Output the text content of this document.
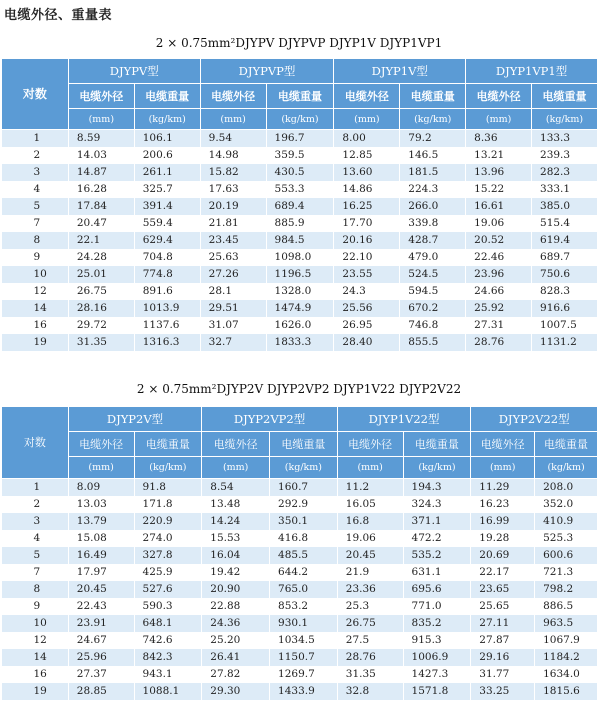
电缆外径、重量表
2 × 0.75mm²DJYPV DJYPVP DJYP1V DJYP1VP1
对数	DJYPV型		DJYPVP型		DJYP1V型		DJYP1VP1型	
	电缆外径	电缆重量	电缆外径	电缆重量	电缆外径	电缆重量	电缆外径	电缆重量
	(mm)	(kg/km)	(mm)	(kg/km)	(mm)	(kg/km)	(mm)	(kg/km)
1	8.59	106.1	9.54	196.7	8.00	79.2	8.36	133.3
2	14.03	200.6	14.98	359.5	12.85	146.5	13.21	239.3
3	14.87	261.1	15.82	430.5	13.60	181.5	13.96	282.3
4	16.28	325.7	17.63	553.3	14.86	224.3	15.22	333.1
5	17.84	391.4	20.19	689.4	16.25	266.0	16.61	385.0
7	20.47	559.4	21.81	885.9	17.70	339.8	19.06	515.4
8	22.1	629.4	23.45	984.5	20.16	428.7	20.52	619.4
9	24.28	704.8	25.63	1098.0	22.10	479.0	22.46	689.7
10	25.01	774.8	27.26	1196.5	23.55	524.5	23.96	750.6
12	26.75	891.6	28.1	1328.0	24.3	594.5	24.66	828.3
14	28.16	1013.9	29.51	1474.9	25.56	670.2	25.92	916.6
16	29.72	1137.6	31.07	1626.0	26.95	746.8	27.31	1007.5
19	31.35	1316.3	32.7	1833.3	28.40	855.5	28.76	1131.2
2 × 0.75mm²DJYP2V DJYP2VP2 DJYP1V22 DJYP2V22
对数	DJYP2V型		DJYP2VP2型		DJYP1V22型		DJYP2V22型	
	电缆外径	电缆重量	电缆外径	电缆重量	电缆外径	电缆重量	电缆外径	电缆重量
	(mm)	(kg/km)	(mm)	(kg/km)	(mm)	(kg/km)	(mm)	(kg/km)
1	8.09	91.8	8.54	160.7	11.2	194.3	11.29	208.0
2	13.03	171.8	13.48	292.9	16.05	324.3	16.23	352.0
3	13.79	220.9	14.24	350.1	16.8	371.1	16.99	410.9
4	15.08	274.0	15.53	416.8	19.06	472.2	19.28	525.3
5	16.49	327.8	16.04	485.5	20.45	535.2	20.69	600.6
7	17.97	425.9	19.42	644.2	21.9	631.1	22.17	721.3
8	20.45	527.6	20.90	765.0	23.36	695.6	23.65	798.2
9	22.43	590.3	22.88	853.2	25.3	771.0	25.65	886.5
10	23.91	648.1	24.36	930.1	26.75	835.2	27.11	963.5
12	24.67	742.6	25.20	1034.5	27.5	915.3	27.87	1067.9
14	25.96	842.3	26.41	1150.7	28.76	1006.9	29.16	1184.2
16	27.37	943.1	27.82	1269.7	31.35	1427.3	31.77	1634.0
19	28.85	1088.1	29.30	1433.9	32.8	1571.8	33.25	1815.6
